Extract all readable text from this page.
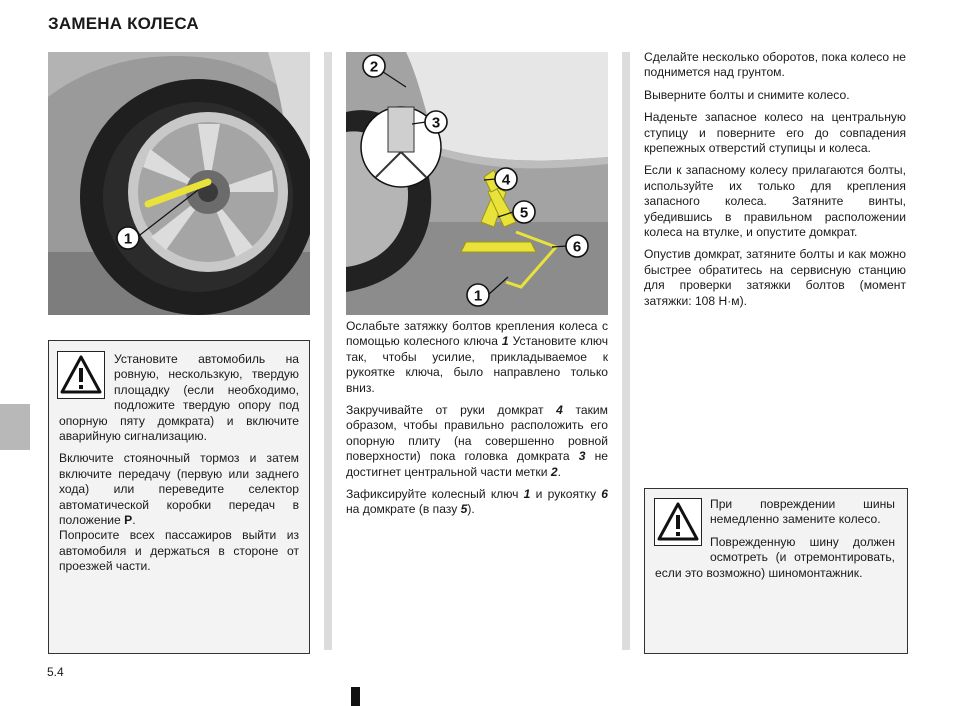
ЗАМЕНА КОЛЕСА
1
2
3
4
5
6
1

Установите автомобиль на ровную, нескользкую, твердую площадку (если необходимо, подложите твердую опору под опорную пяту домкрата) и включите аварийную сигнализацию.

Включите стояночный тормоз и затем включите передачу (первую или заднего хода) или переведите селектор автоматической коробки передач в положение P.

Попросите всех пассажиров выйти из автомобиля и держаться в стороне от проезжей части.

Ослабьте затяжку болтов крепления колеса с помощью колесного ключа 1 Установите ключ так, чтобы усилие, прикладываемое к рукоятке ключа, было направлено только вниз.

Закручивайте от руки домкрат 4 таким образом, чтобы правильно расположить его опорную плиту (на совершенно ровной поверхности) пока головка домкрата 3 не достигнет центральной части метки 2.

Зафиксируйте колесный ключ 1 и рукоятку 6 на домкрате (в пазу 5).

Сделайте несколько оборотов, пока колесо не поднимется над грунтом.

Выверните болты и снимите колесо.

Наденьте запасное колесо на центральную ступицу и поверните его до совпадения крепежных отверстий ступицы и колеса.

Если к запасному колесу прилагаются болты, используйте их только для крепления запасного колеса. Затяните винты, убедившись в правильном расположении колеса на втулке, и опустите домкрат.

Опустив домкрат, затяните болты и как можно быстрее обратитесь на сервисную станцию для проверки затяжки болтов (момент затяжки: 108 Н·м).

При повреждении шины немедленно замените колесо.

Поврежденную шину должен осмотреть (и отремонтировать, если это возможно) шиномонтажник.

5.4
